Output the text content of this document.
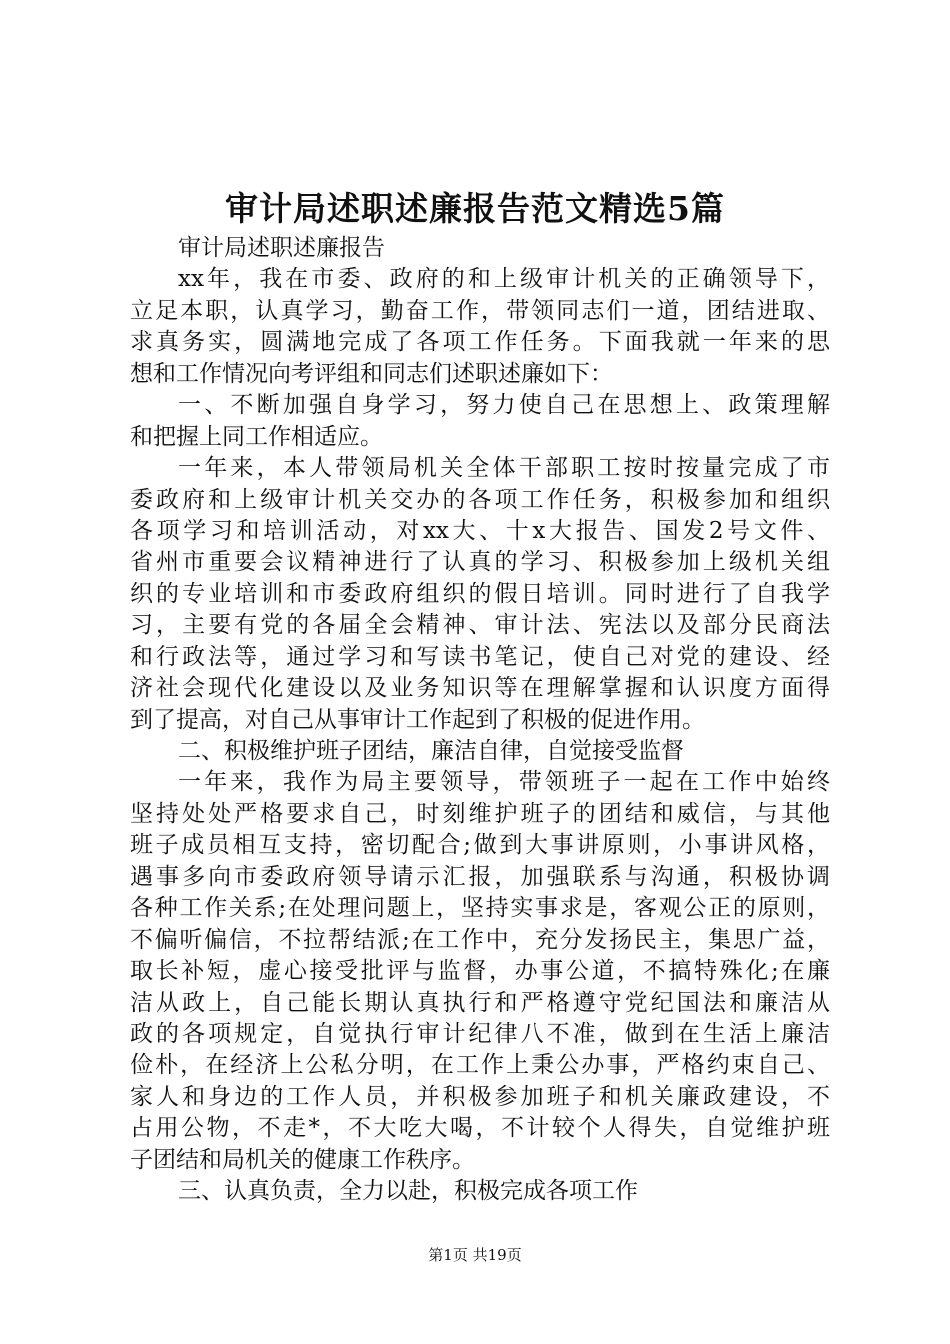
审计局述职述廉报告范文精选5篇
审计局述职述廉报告
xx年，我在市委、政府的和上级审计机关的正确领导下，
立足本职，认真学习，勤奋工作，带领同志们一道，团结进取、
求真务实，圆满地完成了各项工作任务。下面我就一年来的思
想和工作情况向考评组和同志们述职述廉如下：
一、不断加强自身学习，努力使自己在思想上、政策理解
和把握上同工作相适应。
一年来，本人带领局机关全体干部职工按时按量完成了市
委政府和上级审计机关交办的各项工作任务，积极参加和组织
各项学习和培训活动，对xx大、十x大报告、国发2号文件、
省州市重要会议精神进行了认真的学习、积极参加上级机关组
织的专业培训和市委政府组织的假日培训。同时进行了自我学
习，主要有党的各届全会精神、审计法、宪法以及部分民商法
和行政法等，通过学习和写读书笔记，使自己对党的建设、经
济社会现代化建设以及业务知识等在理解掌握和认识度方面得
到了提高，对自己从事审计工作起到了积极的促进作用。
二、积极维护班子团结，廉洁自律，自觉接受监督
一年来，我作为局主要领导，带领班子一起在工作中始终
坚持处处严格要求自己，时刻维护班子的团结和威信，与其他
班子成员相互支持，密切配合;做到大事讲原则，小事讲风格，
遇事多向市委政府领导请示汇报，加强联系与沟通，积极协调
各种工作关系;在处理问题上，坚持实事求是，客观公正的原则，
不偏听偏信，不拉帮结派;在工作中，充分发扬民主，集思广益，
取长补短，虚心接受批评与监督，办事公道，不搞特殊化;在廉
洁从政上，自己能长期认真执行和严格遵守党纪国法和廉洁从
政的各项规定，自觉执行审计纪律八不准，做到在生活上廉洁
俭朴，在经济上公私分明，在工作上秉公办事，严格约束自己、
家人和身边的工作人员，并积极参加班子和机关廉政建设，不
占用公物，不走*，不大吃大喝，不计较个人得失，自觉维护班
子团结和局机关的健康工作秩序。
三、认真负责，全力以赴，积极完成各项工作
第1页 共19页
